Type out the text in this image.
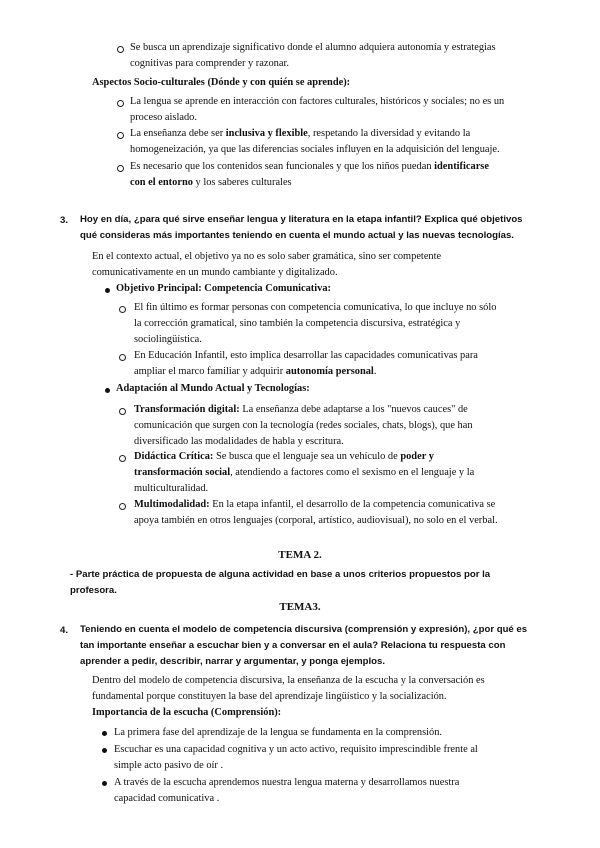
Se busca un aprendizaje significativo donde el alumno adquiera autonomía y estrategias
cognitivas para comprender y razonar.

Aspectos Socio-culturales (Dónde y con quién se aprende):

La lengua se aprende en interacción con factores culturales, históricos y sociales; no es un
proceso aislado.

La enseñanza debe ser inclusiva y flexible, respetando la diversidad y evitando la
homogeneización, ya que las diferencias sociales influyen en la adquisición del lenguaje.

Es necesario que los contenidos sean funcionales y que los niños puedan identificarse
con el entorno y los saberes culturales

3. Hoy en día, ¿para qué sirve enseñar lengua y literatura en la etapa infantil? Explica qué objetivos
qué consideras más importantes teniendo en cuenta el mundo actual y las nuevas tecnologías.

En el contexto actual, el objetivo ya no es solo saber gramática, sino ser competente
comunicativamente en un mundo cambiante y digitalizado.

Objetivo Principal: Competencia Comunicativa:

El fin último es formar personas con competencia comunicativa, lo que incluye no sólo
la corrección gramatical, sino también la competencia discursiva, estratégica y
sociolingüística.

En Educación Infantil, esto implica desarrollar las capacidades comunicativas para
ampliar el marco familiar y adquirir autonomía personal.

Adaptación al Mundo Actual y Tecnologías:

Transformación digital: La enseñanza debe adaptarse a los "nuevos cauces" de
comunicación que surgen con la tecnología (redes sociales, chats, blogs), que han
diversificado las modalidades de habla y escritura.

Didáctica Crítica: Se busca que el lenguaje sea un vehículo de poder y
transformación social, atendiendo a factores como el sexismo en el lenguaje y la
multiculturalidad.

Multimodalidad: En la etapa infantil, el desarrollo de la competencia comunicativa se
apoya también en otros lenguajes (corporal, artístico, audiovisual), no solo en el verbal.

TEMA 2.

- Parte práctica de propuesta de alguna actividad en base a unos criterios propuestos por la
profesora.

TEMA3.

4. Teniendo en cuenta el modelo de competencia discursiva (comprensión y expresión), ¿por qué es
tan importante enseñar a escuchar bien y a conversar en el aula? Relaciona tu respuesta con
aprender a pedir, describir, narrar y argumentar, y ponga ejemplos.

Dentro del modelo de competencia discursiva, la enseñanza de la escucha y la conversación es
fundamental porque constituyen la base del aprendizaje lingüístico y la socialización.

Importancia de la escucha (Comprensión):

La primera fase del aprendizaje de la lengua se fundamenta en la comprensión.

Escuchar es una capacidad cognitiva y un acto activo, requisito imprescindible frente al
simple acto pasivo de oír .

A través de la escucha aprendemos nuestra lengua materna y desarrollamos nuestra
capacidad comunicativa .
